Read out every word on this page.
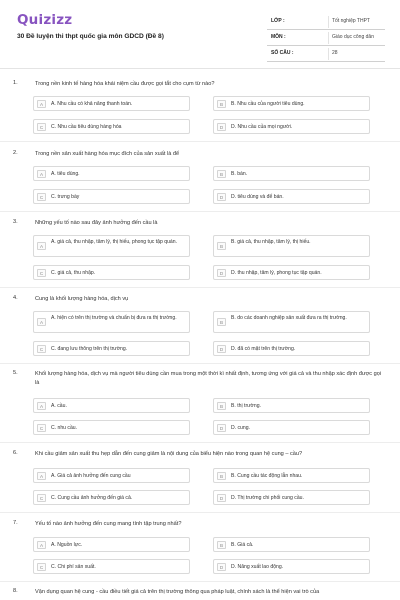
Quizizz
30 Đề luyện thi thpt quốc gia môn GDCD (Đề 8)
LỚP :	Tốt nghiệp THPT
MÔN :	Giáo dục công dân
SỐ CÂU :	28
1.	Trong nền kinh tế hàng hóa khái niệm cầu được gọi tắt cho cụm từ nào?
A	A. Nhu cầu có khả năng thanh toán.	B	B. Nhu cầu của người tiêu dùng.
C	C. Nhu cầu tiêu dùng hàng hóa	D	D. Nhu cầu của mọi người.
2.	Trong nền sản xuất hàng hóa mục đích của sản xuất là để
A	A. tiêu dùng.	B	B. bán.
C	C. trưng bày	D	D. tiêu dùng và để bán.
3.	Những yếu tố nào sau đây ảnh hưởng đến cầu là
A
A. giá cả, thu nhập, tâm lý, thị hiếu, phong tục tập quán.
B
B. giá cả, thu nhập, tâm lý, thị hiếu.
C	C. giá cả, thu nhập.	D	D. thu nhập, tâm lý, phong tục tập quán.
4.	Cung là khối lượng hàng hóa, dịch vụ
A
A. hiện có trên thị trường và chuẩn bị đưa ra thị trường.
B
B. do các doanh nghiệp sản xuất đưa ra thị trường.
C	C. đang lưu thông trên thị trường.	D	D. đã có mặt trên thị trường.
5.	Khối lượng hàng hóa, dịch vụ mà người tiêu dùng cần mua trong một thời kì nhất định, tương ứng với giá cả và thu nhập xác định được gọi là
A	A. cầu.	B	B. thị trường.
C	C. nhu cầu.	D	D. cung.
6.	Khi cầu giảm sản xuất thu hẹp dẫn đến cung giảm là nội dung của biểu hiện nào trong quan hệ cung – cầu?
A	A. Giá cả ảnh hưởng đến cung cầu	B	B. Cung cầu tác động lẫn nhau.
C	C. Cung cầu ảnh hưởng đến giá cả.	D	D. Thị trường chi phối cung cầu.
7.	Yếu tố nào ảnh hưởng đến cung mang tính tập trung nhất?
A	A. Nguồn lực.	B	B. Giá cả.
C	C. Chi phí sản xuất.	D	D. Năng xuất lao động.
8.	Vận dụng quan hệ cung - cầu điều tiết giá cả trên thị trường thông qua pháp luật, chính sách là thể hiện vai trò của
